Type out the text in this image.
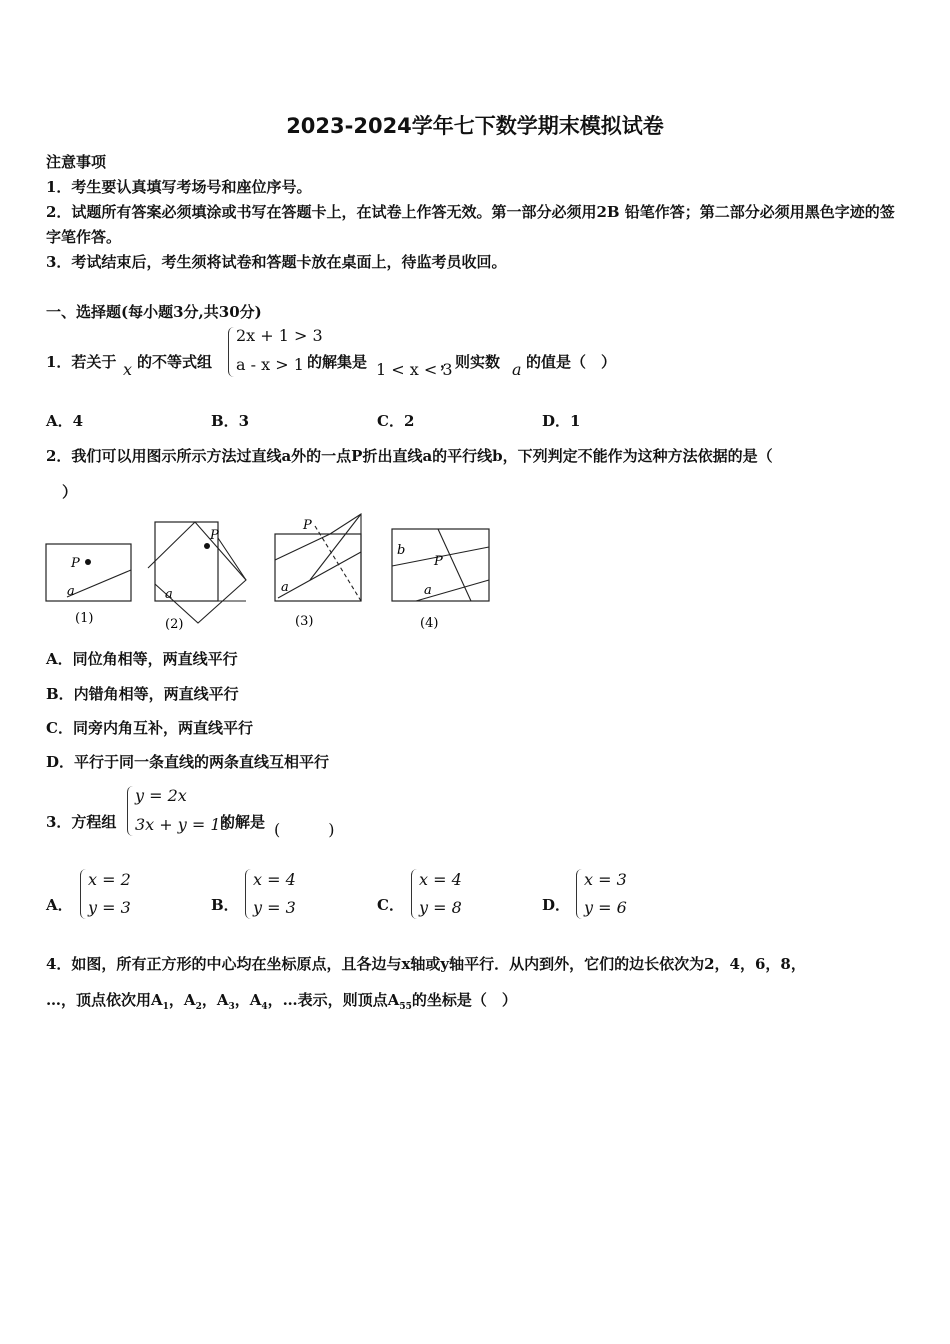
2023-2024学年七下数学期末模拟试卷
注意事项
1．考生要认真填写考场号和座位序号。
2．试题所有答案必须填涂或书写在答题卡上，在试卷上作答无效。第一部分必须用2B 铅笔作答；第二部分必须用黑色字迹的签字笔作答。
3．考试结束后，考生须将试卷和答题卡放在桌面上，待监考员收回。
一、选择题(每小题3分,共30分)
1．若关于 x 的不等式组
2x + 1 > 3
a - x > 1 的解集是 1 < x < 3
，则实数 a 的值是（　）
A．4	B．3	C．2	D．1
2．我们可以用图示所示方法过直线a外的一点P折出直线a的平行线b，下列判定不能作为这种方法依据的是（
）
P
a
(1)
P
a
(2)
P
a
(3)
b
P
a
(4)
A．同位角相等，两直线平行
B．内错角相等，两直线平行
C．同旁内角互补，两直线平行
D．平行于同一条直线的两条直线互相平行
3．方程组
y = 2x
3x + y = 15
的解是 (　　　)
A．
x = 2
y = 3	B．
x = 4
y = 3	C．
x = 4
y = 8	D．
x = 3
y = 6
4．如图，所有正方形的中心均在坐标原点，且各边与x轴或y轴平行．从内到外，它们的边长依次为2，4，6，8，
…，顶点依次用$A_1$，$A_2$，$A_3$，$A_4$，…表示，则顶点$A_{55}$的坐标是（　）
